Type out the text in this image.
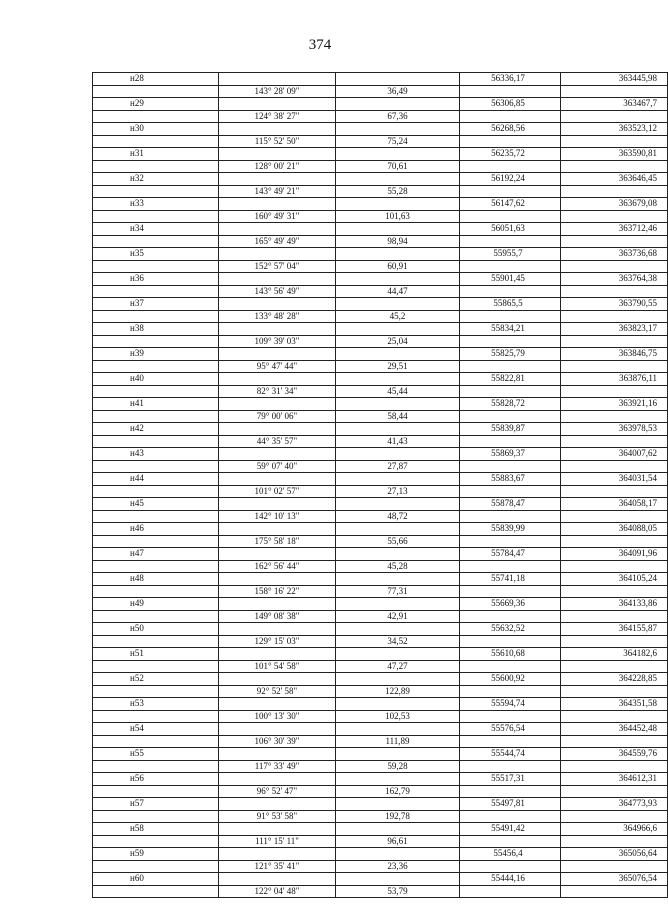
374
н28			56336,17	363445,98
	143° 28' 09"	36,49		
н29			56306,85	363467,7
	124° 38' 27"	67,36		
н30			56268,56	363523,12
	115° 52' 50"	75,24		
н31			56235,72	363590,81
	128° 00' 21"	70,61		
н32			56192,24	363646,45
	143° 49' 21"	55,28		
н33			56147,62	363679,08
	160° 49' 31"	101,63		
н34			56051,63	363712,46
	165° 49' 49"	98,94		
н35			55955,7	363736,68
	152° 57' 04"	60,91		
н36			55901,45	363764,38
	143° 56' 49"	44,47		
н37			55865,5	363790,55
	133° 48' 28"	45,2		
н38			55834,21	363823,17
	109° 39' 03"	25,04		
н39			55825,79	363846,75
	95° 47' 44"	29,51		
н40			55822,81	363876,11
	82° 31' 34"	45,44		
н41			55828,72	363921,16
	79° 00' 06"	58,44		
н42			55839,87	363978,53
	44° 35' 57"	41,43		
н43			55869,37	364007,62
	59° 07' 40"	27,87		
н44			55883,67	364031,54
	101° 02' 57"	27,13		
н45			55878,47	364058,17
	142° 10' 13"	48,72		
н46			55839,99	364088,05
	175° 58' 18"	55,66		
н47			55784,47	364091,96
	162° 56' 44"	45,28		
н48			55741,18	364105,24
	158° 16' 22"	77,31		
н49			55669,36	364133,86
	149° 08' 38"	42,91		
н50			55632,52	364155,87
	129° 15' 03"	34,52		
н51			55610,68	364182,6
	101° 54' 58"	47,27		
н52			55600,92	364228,85
	92° 52' 58"	122,89		
н53			55594,74	364351,58
	100° 13' 30"	102,53		
н54			55576,54	364452,48
	106° 30' 39"	111,89		
н55			55544,74	364559,76
	117° 33' 49"	59,28		
н56			55517,31	364612,31
	96° 52' 47"	162,79		
н57			55497,81	364773,93
	91° 53' 58"	192,78		
н58			55491,42	364966,6
	111° 15' 11"	96,61		
н59			55456,4	365056,64
	121° 35' 41"	23,36		
н60			55444,16	365076,54
	122° 04' 48"	53,79		
